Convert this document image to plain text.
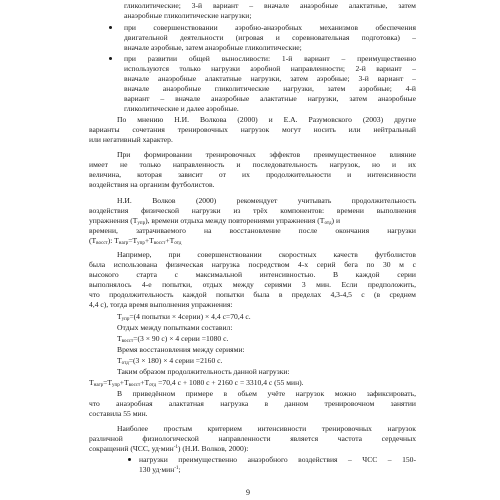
гликолитические; 3-й вариант – вначале анаэробные алактатные, затем
анаэробные гликолитические нагрузки;
при совершенствовании аэробно-анаэробных механизмов обеспечения
двигательной деятельности (игровая и соревновательная подготовка) –
вначале аэробные, затем анаэробные гликолитические;
при развитии общей выносливости: 1-й вариант – преимущественно
используются только нагрузки аэробной направленности; 2-й вариант –
вначале анаэробные алактатные нагрузки, затем аэробные; 3-й вариант –
вначале анаэробные гликолитические нагрузки, затем аэробные; 4-й
вариант – вначале анаэробные алактатные нагрузки, затем анаэробные
гликолитические и далее аэробные.
По мнению Н.И. Волкова (2000) и Е.А. Разумовского (2003) другие
варианты сочетания тренировочных нагрузок могут носить или нейтральный
или негативный характер.
При формировании тренировочных эффектов преимущественное влияние
имеет не только направленность и последовательность нагрузок, но и их
величина, которая зависит от их продолжительности и интенсивности
воздействия на организм футболистов.
Н.И. Волков (2000) рекомендует учитывать продолжительность
воздействия физической нагрузки из трёх компонентов: времени выполнения
упражнения $(T_{упр})$, времени отдыха между повторениями упражнения $(T_{отд})$ и
времени, затрачиваемого на восстановление после окончания нагрузки
$(T_{восст})$: $T_{нагр}=T_{упр}+T_{восст}+T_{отд}$
Например, при совершенствовании скоростных качеств футболистов
была использована физическая нагрузка посредством 4-х серий бега по 30 м с
высокого старта с максимальной интенсивностью. В каждой серии
выполнялось 4-е попытки, отдых между сериями 3 мин. Если предположить,
что продолжительность каждой попытки была в пределах 4,3-4,5 с (в среднем
4,4 с), тогда время выполнения упражнения:
$T_{упр}=(4$ попытки × 4серии) × 4,4 с=70,4 с.
Отдых между попытками составил:
$T_{восст}=(3 \times 90$ с) × 4 серии =1080 с.
Время восстановления между сериями:
$T_{отд}=(3 \times 180) \times 4$ серии =2160 с.
Таким образом продолжительность данной нагрузки:
$T_{нагр}=T_{упр}+T_{восст}+T_{отд} =70,4$ с + 1080 с + 2160 с = 3310,4 с (55 мин).
В приведённом примере в обьем учёте нагрузок можно зафиксировать,
что анаэробная алактатная нагрузка в данном тренировочном занятии
составила 55 мин.
Наиболее простым критерием интенсивности тренировочных нагрузок
различной физиологической направленности является частота сердечных
сокращений (ЧСС, уд∙мин$^{-1}$) (Н.И. Волков, 2000):
нагрузки преимущественно анаэробного воздействия – ЧСС – 150-
130 уд∙мин$^{-1}$;
9
